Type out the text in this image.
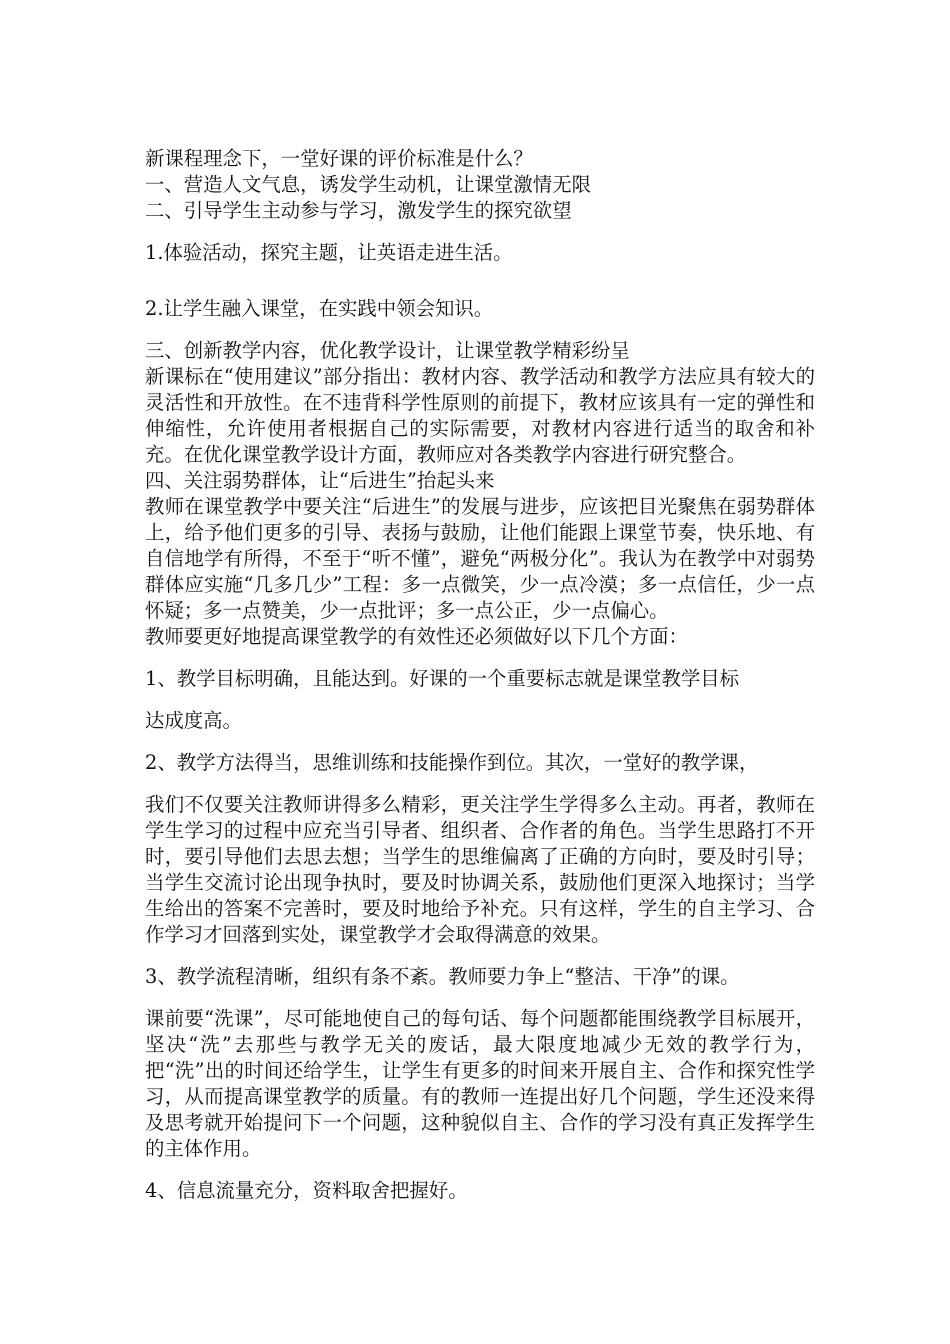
新课程理念下，一堂好课的评价标准是什么？

一、营造人文气息，诱发学生动机，让课堂激情无限

二、引导学生主动参与学习，激发学生的探究欲望

1.体验活动，探究主题，让英语走进生活。

2.让学生融入课堂，在实践中领会知识。

三、创新教学内容，优化教学设计，让课堂教学精彩纷呈

新课标在“使用建议”部分指出：教材内容、教学活动和教学方法应具有较大的灵活性和开放性。在不违背科学性原则的前提下，教材应该具有一定的弹性和伸缩性，允许使用者根据自己的实际需要，对教材内容进行适当的取舍和补充。在优化课堂教学设计方面，教师应对各类教学内容进行研究整合。

四、关注弱势群体，让“后进生”抬起头来

教师在课堂教学中要关注“后进生”的发展与进步，应该把目光聚焦在弱势群体上，给予他们更多的引导、表扬与鼓励，让他们能跟上课堂节奏，快乐地、有自信地学有所得，不至于“听不懂”，避免“两极分化”。我认为在教学中对弱势群体应实施“几多几少”工程：多一点微笑，少一点冷漠；多一点信任，少一点怀疑；多一点赞美，少一点批评；多一点公正，少一点偏心。

教师要更好地提高课堂教学的有效性还必须做好以下几个方面：

1、教学目标明确，且能达到。好课的一个重要标志就是课堂教学目标

达成度高。

2、教学方法得当，思维训练和技能操作到位。其次，一堂好的教学课，

我们不仅要关注教师讲得多么精彩，更关注学生学得多么主动。再者，教师在学生学习的过程中应充当引导者、组织者、合作者的角色。当学生思路打不开时，要引导他们去思去想；当学生的思维偏离了正确的方向时，要及时引导；当学生交流讨论出现争执时，要及时协调关系，鼓励他们更深入地探讨；当学生给出的答案不完善时，要及时地给予补充。只有这样，学生的自主学习、合作学习才回落到实处，课堂教学才会取得满意的效果。

3、教学流程清晰，组织有条不紊。教师要力争上“整洁、干净”的课。

课前要“洗课”，尽可能地使自己的每句话、每个问题都能围绕教学目标展开，坚决“洗”去那些与教学无关的废话，最大限度地减少无效的教学行为，把“洗”出的时间还给学生，让学生有更多的时间来开展自主、合作和探究性学习，从而提高课堂教学的质量。有的教师一连提出好几个问题，学生还没来得及思考就开始提问下一个问题，这种貌似自主、合作的学习没有真正发挥学生的主体作用。

4、信息流量充分，资料取舍把握好。
